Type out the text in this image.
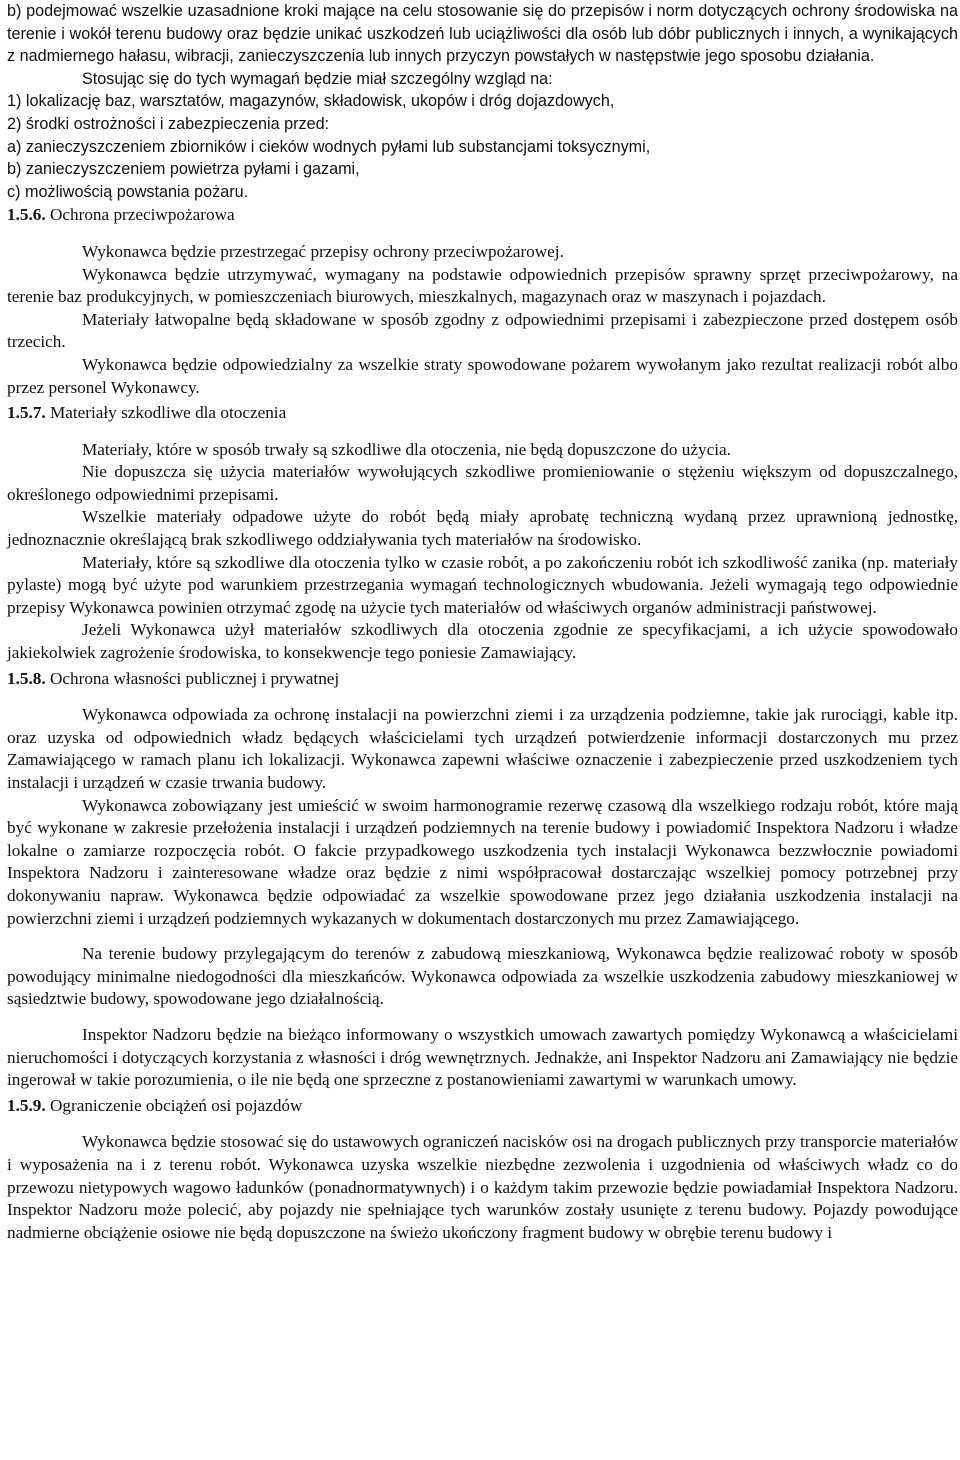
b) podejmować wszelkie uzasadnione kroki mające na celu stosowanie się do przepisów i norm dotyczących ochrony środowiska na terenie i wokół terenu budowy oraz będzie unikać uszkodzeń lub uciążliwości dla osób lub dóbr publicznych i innych, a wynikających z nadmiernego hałasu, wibracji, zanieczyszczenia lub innych przyczyn powstałych w następstwie jego sposobu działania.

Stosując się do tych wymagań będzie miał szczególny wzgląd na:

1) lokalizację baz, warsztatów, magazynów, składowisk, ukopów i dróg dojazdowych,
2) środki ostrożności i zabezpieczenia przed:
a) zanieczyszczeniem zbiorników i cieków wodnych pyłami lub substancjami toksycznymi,
b) zanieczyszczeniem powietrza pyłami i gazami,
c) możliwością powstania pożaru.
1.5.6. Ochrona przeciwpożarowa

Wykonawca będzie przestrzegać przepisy ochrony przeciwpożarowej.

Wykonawca będzie utrzymywać, wymagany na podstawie odpowiednich przepisów sprawny sprzęt przeciwpożarowy, na terenie baz produkcyjnych, w pomieszczeniach biurowych, mieszkalnych, magazynach oraz w maszynach i pojazdach.

Materiały łatwopalne będą składowane w sposób zgodny z odpowiednimi przepisami i zabezpieczone przed dostępem osób trzecich.

Wykonawca będzie odpowiedzialny za wszelkie straty spowodowane pożarem wywołanym jako rezultat realizacji robót albo przez personel Wykonawcy.

1.5.7. Materiały szkodliwe dla otoczenia

Materiały, które w sposób trwały są szkodliwe dla otoczenia, nie będą dopuszczone do użycia.

Nie dopuszcza się użycia materiałów wywołujących szkodliwe promieniowanie o stężeniu większym od dopuszczalnego, określonego odpowiednimi przepisami.

Wszelkie materiały odpadowe użyte do robót będą miały aprobatę techniczną wydaną przez uprawnioną jednostkę, jednoznacznie określającą brak szkodliwego oddziaływania tych materiałów na środowisko.

Materiały, które są szkodliwe dla otoczenia tylko w czasie robót, a po zakończeniu robót ich szkodliwość zanika (np. materiały pylaste) mogą być użyte pod warunkiem przestrzegania wymagań technologicznych wbudowania. Jeżeli wymagają tego odpowiednie przepisy Wykonawca powinien otrzymać zgodę na użycie tych materiałów od właściwych organów administracji państwowej.

Jeżeli Wykonawca użył materiałów szkodliwych dla otoczenia zgodnie ze specyfikacjami, a ich użycie spowodowało jakiekolwiek zagrożenie środowiska, to konsekwencje tego poniesie Zamawiający.

1.5.8. Ochrona własności publicznej i prywatnej

Wykonawca odpowiada za ochronę instalacji na powierzchni ziemi i za urządzenia podziemne, takie jak rurociągi, kable itp. oraz uzyska od odpowiednich władz będących właścicielami tych urządzeń potwierdzenie informacji dostarczonych mu przez Zamawiającego w ramach planu ich lokalizacji. Wykonawca zapewni właściwe oznaczenie i zabezpieczenie przed uszkodzeniem tych instalacji i urządzeń w czasie trwania budowy.

Wykonawca zobowiązany jest umieścić w swoim harmonogramie rezerwę czasową dla wszelkiego rodzaju robót, które mają być wykonane w zakresie przełożenia instalacji i urządzeń podziemnych na terenie budowy i powiadomić Inspektora Nadzoru i władze lokalne o zamiarze rozpoczęcia robót. O fakcie przypadkowego uszkodzenia tych instalacji Wykonawca bezzwłocznie powiadomi Inspektora Nadzoru i zainteresowane władze oraz będzie z nimi współpracował dostarczając wszelkiej pomocy potrzebnej przy dokonywaniu napraw. Wykonawca będzie odpowiadać za wszelkie spowodowane przez jego działania uszkodzenia instalacji na powierzchni ziemi i urządzeń podziemnych wykazanych w dokumentach dostarczonych mu przez Zamawiającego.

Na terenie budowy przylegającym do terenów z zabudową mieszkaniową, Wykonawca będzie realizować roboty w sposób powodujący minimalne niedogodności dla mieszkańców. Wykonawca odpowiada za wszelkie uszkodzenia zabudowy mieszkaniowej w sąsiedztwie budowy, spowodowane jego działalnością.

Inspektor Nadzoru będzie na bieżąco informowany o wszystkich umowach zawartych pomiędzy Wykonawcą a właścicielami nieruchomości i dotyczących korzystania z własności i dróg wewnętrznych. Jednakże, ani Inspektor Nadzoru ani Zamawiający nie będzie ingerował w takie porozumienia, o ile nie będą one sprzeczne z postanowieniami zawartymi w warunkach umowy.

1.5.9. Ograniczenie obciążeń osi pojazdów

Wykonawca będzie stosować się do ustawowych ograniczeń nacisków osi na drogach publicznych przy transporcie materiałów i wyposażenia na i z terenu robót. Wykonawca uzyska wszelkie niezbędne zezwolenia i uzgodnienia od właściwych władz co do przewozu nietypowych wagowo ładunków (ponadnormatywnych) i o każdym takim przewozie będzie powiadamiał Inspektora Nadzoru. Inspektor Nadzoru może polecić, aby pojazdy nie spełniające tych warunków zostały usunięte z terenu budowy. Pojazdy powodujące nadmierne obciążenie osiowe nie będą dopuszczone na świeżo ukończony fragment budowy w obrębie terenu budowy i
